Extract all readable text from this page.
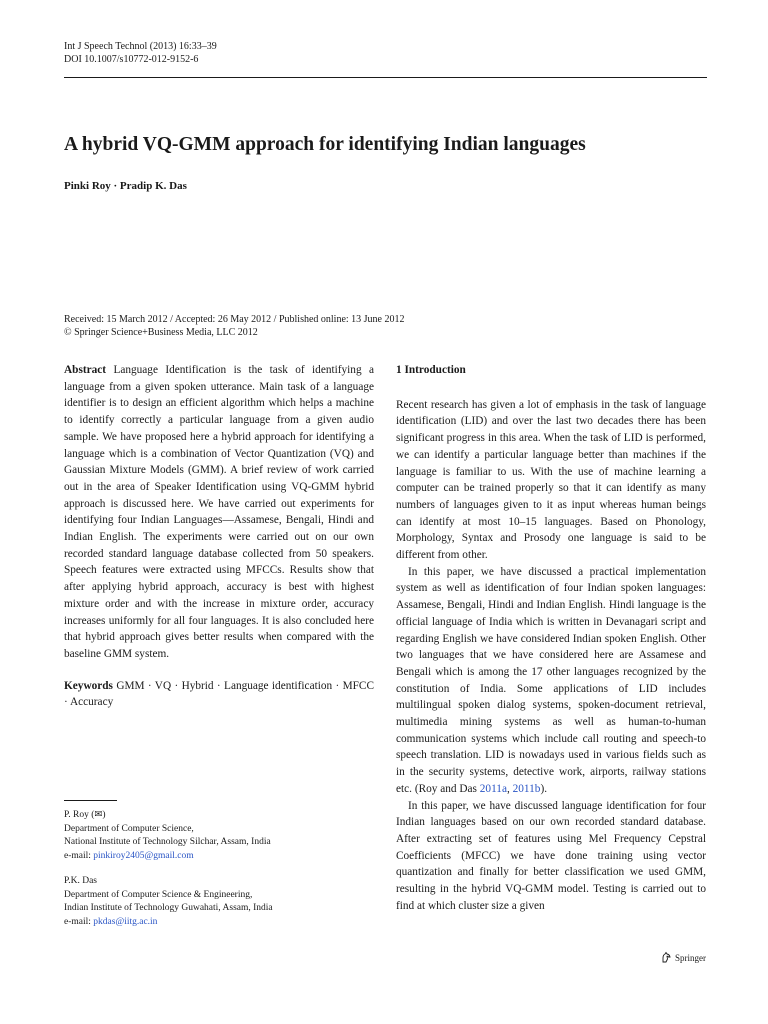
Int J Speech Technol (2013) 16:33–39
DOI 10.1007/s10772-012-9152-6
A hybrid VQ-GMM approach for identifying Indian languages
Pinki Roy · Pradip K. Das
Received: 15 March 2012 / Accepted: 26 May 2012 / Published online: 13 June 2012
© Springer Science+Business Media, LLC 2012

Abstract Language Identification is the task of identifying a language from a given spoken utterance. Main task of a language identifier is to design an efficient algorithm which helps a machine to identify correctly a particular language from a given audio sample. We have proposed here a hybrid approach for identifying a language which is a combination of Vector Quantization (VQ) and Gaussian Mixture Models (GMM). A brief review of work carried out in the area of Speaker Identification using VQ-GMM hybrid approach is discussed here. We have carried out experiments for identifying four Indian Languages—Assamese, Bengali, Hindi and Indian English. The experiments were carried out on our own recorded standard language database collected from 50 speakers. Speech features were extracted using MFCCs. Results show that after applying hybrid approach, accuracy is best with highest mixture order and with the increase in mixture order, accuracy increases uniformly for all four languages. It is also concluded here that hybrid approach gives better results when compared with the baseline GMM system.

Keywords GMM · VQ · Hybrid · Language identification · MFCC · Accuracy

1 Introduction

Recent research has given a lot of emphasis in the task of language identification (LID) and over the last two decades there has been significant progress in this area. When the task of LID is performed, we can identify a particular language better than machines if the language is familiar to us. With the use of machine learning a computer can be trained properly so that it can identify as many numbers of languages given to it as input whereas human beings can identify at most 10–15 languages. Based on Phonology, Morphology, Syntax and Prosody one language is said to be different from other.

In this paper, we have discussed a practical implementation system as well as identification of four Indian spoken languages: Assamese, Bengali, Hindi and Indian English. Hindi language is the official language of India which is written in Devanagari script and regarding English we have considered Indian spoken English. Other two languages that we have considered here are Assamese and Bengali which is among the 17 other languages recognized by the constitution of India. Some applications of LID includes multilingual spoken dialog systems, spoken-document retrieval, multimedia mining systems as well as human-to-human communication systems which include call routing and speech-to speech translation. LID is nowadays used in various fields such as in the security systems, detective work, airports, railway stations etc. (Roy and Das 2011a, 2011b).

In this paper, we have discussed language identification for four Indian languages based on our own recorded standard database. After extracting set of features using Mel Frequency Cepstral Coefficients (MFCC) we have done training using vector quantization and finally for better classification we used GMM, resulting in the hybrid VQ-GMM model. Testing is carried out to find at which cluster size a given

P. Roy (✉)
Department of Computer Science,
National Institute of Technology Silchar, Assam, India
e-mail: pinkiroy2405@gmail.com
P.K. Das
Department of Computer Science & Engineering,
Indian Institute of Technology Guwahati, Assam, India
e-mail: pkdas@iitg.ac.in
Springer
